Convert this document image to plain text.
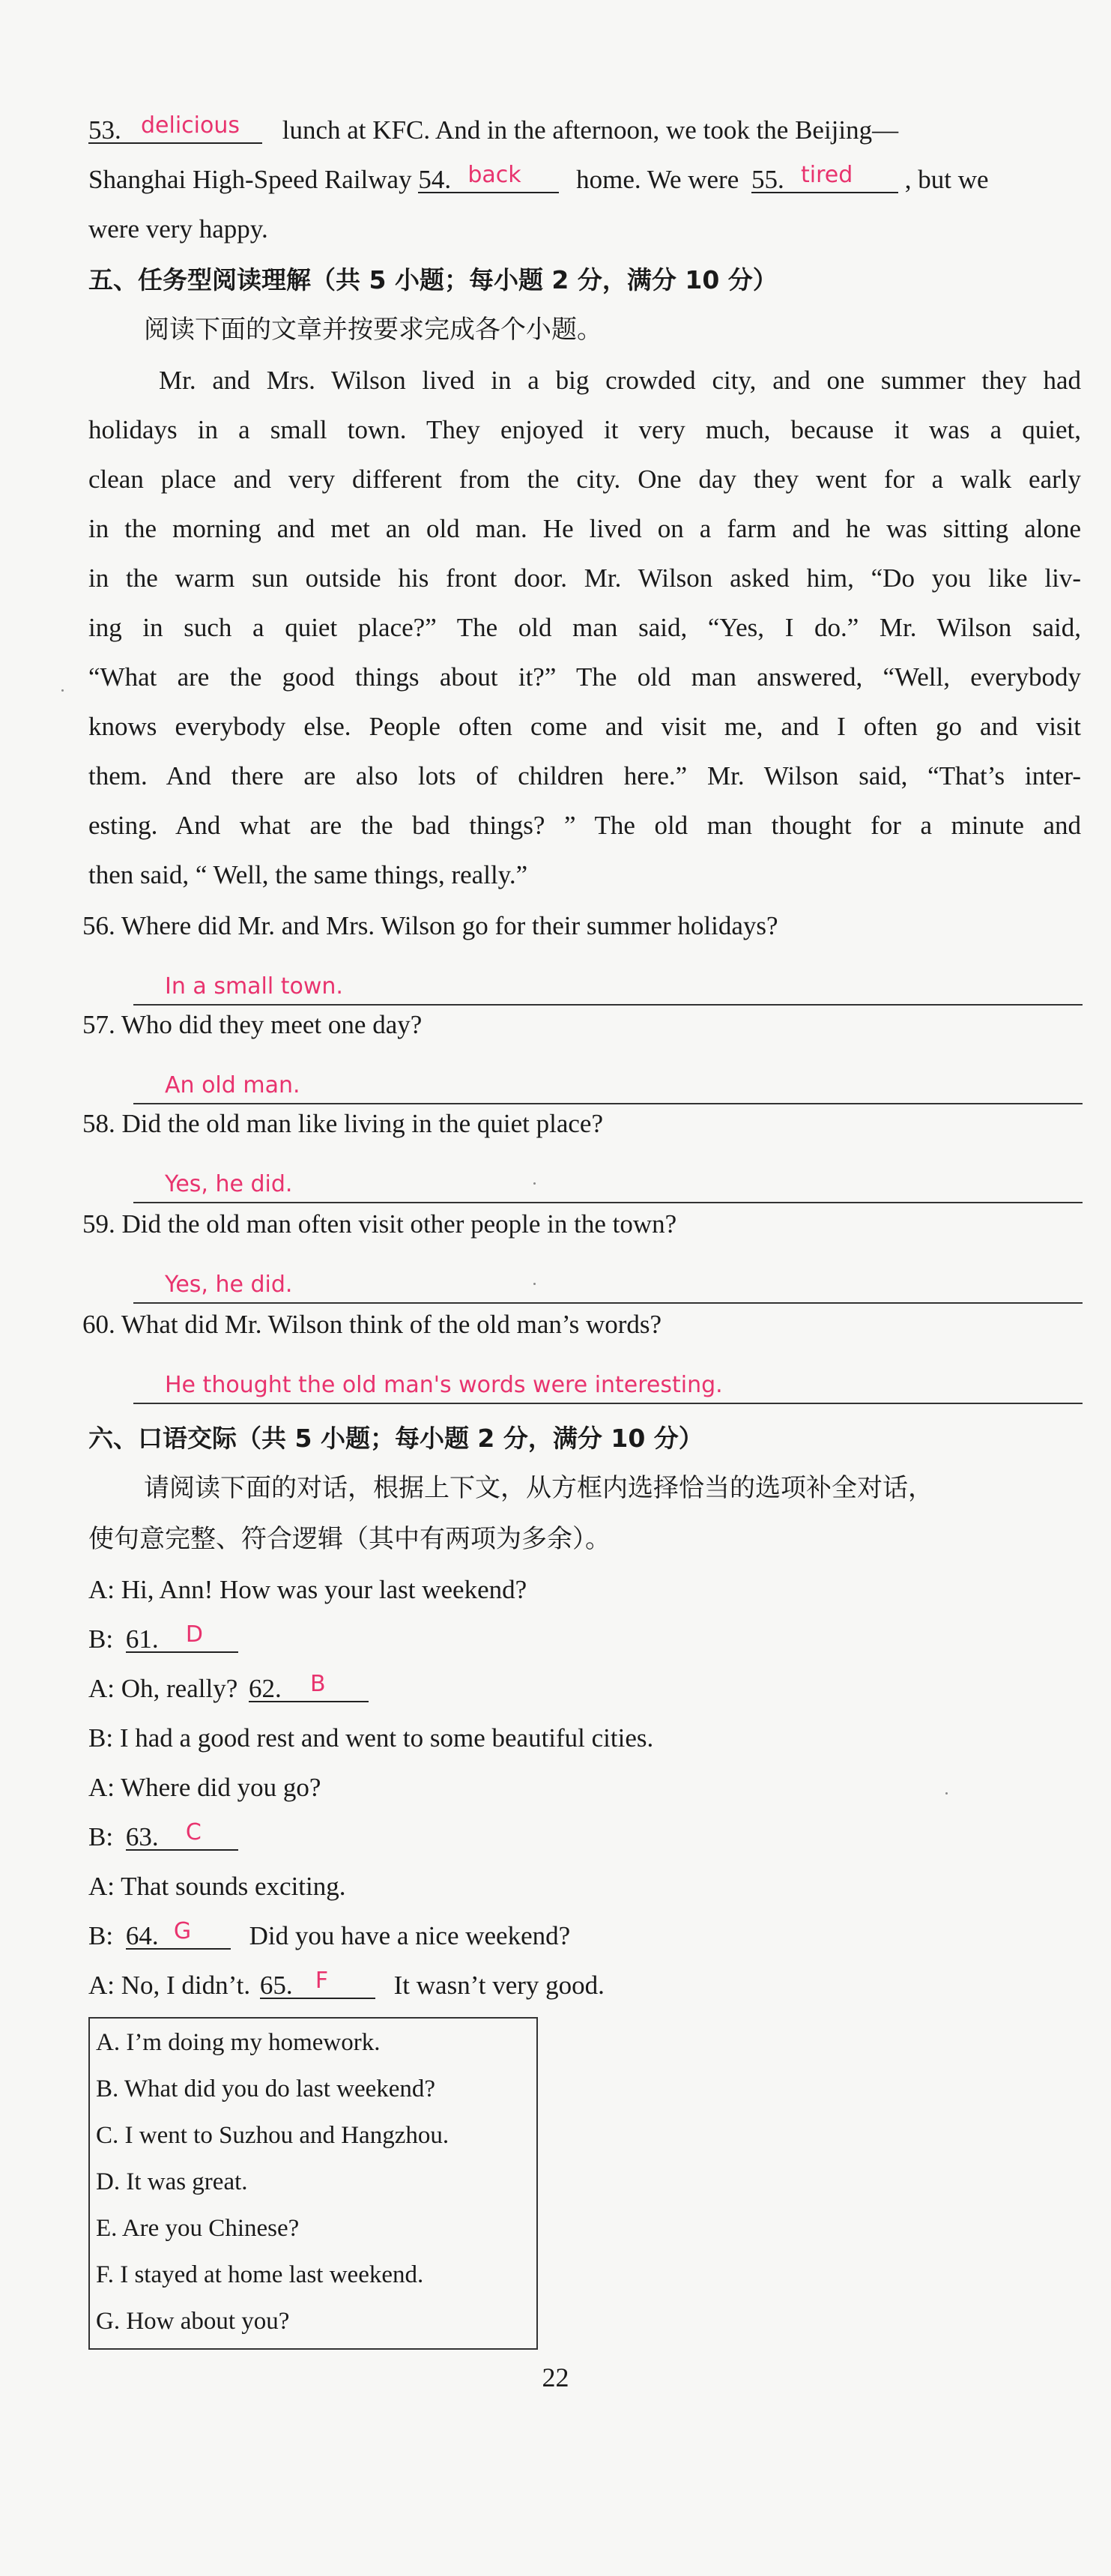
53. delicious lunch at KFC. And in the afternoon, we took the Beijing—
Shanghai High-Speed Railway 54. back home. We were 55. tired , but we
were very happy.
五、任务型阅读理解（共 5 小题；每小题 2 分，满分 10 分）
阅读下面的文章并按要求完成各个小题。
Mr. and Mrs. Wilson lived in a big crowded city, and one summer they had
holidays in a small town. They enjoyed it very much, because it was a quiet,
clean place and very different from the city. One day they went for a walk early
in the morning and met an old man. He lived on a farm and he was sitting alone
in the warm sun outside his front door. Mr. Wilson asked him, “Do you like liv-
ing in such a quiet place?” The old man said, “Yes, I do.” Mr. Wilson said,
“What are the good things about it?” The old man answered, “Well, everybody
knows everybody else. People often come and visit me, and I often go and visit
them. And there are also lots of children here.” Mr. Wilson said, “That’s inter-
esting. And what are the bad things? ” The old man thought for a minute and
then said, “ Well, the same things, really.”
56. Where did Mr. and Mrs. Wilson go for their summer holidays?
In a small town.
57. Who did they meet one day?
An old man.
58. Did the old man like living in the quiet place?
Yes, he did.
59. Did the old man often visit other people in the town?
Yes, he did.
60. What did Mr. Wilson think of the old man’s words?
He thought the old man's words were interesting.
六、口语交际（共 5 小题；每小题 2 分，满分 10 分）
请阅读下面的对话，根据上下文，从方框内选择恰当的选项补全对话，
使句意完整、符合逻辑（其中有两项为多余）。
A: Hi, Ann! How was your last weekend?
B: 61. D
A: Oh, really? 62. B
B: I had a good rest and went to some beautiful cities.
A: Where did you go?
B: 63. C
A: That sounds exciting.
B: 64. G Did you have a nice weekend?
A: No, I didn’t. 65. F It wasn’t very good.
A. I’m doing my homework.
B. What did you do last weekend?
C. I went to Suzhou and Hangzhou.
D. It was great.
E. Are you Chinese?
F. I stayed at home last weekend.
G. How about you?
22
